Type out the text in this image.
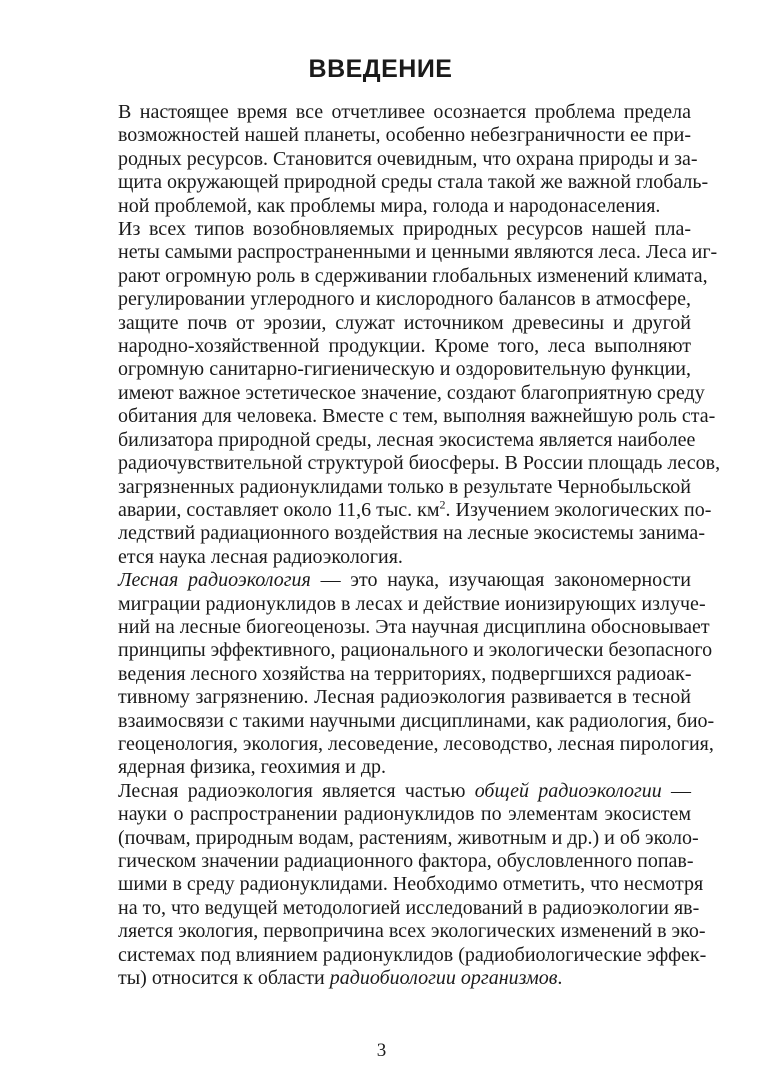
ВВЕДЕНИЕ
В настоящее время все отчетливее осознается проблема предела
возможностей нашей планеты, особенно небезграничности ее при-
родных ресурсов. Становится очевидным, что охрана природы и за-
щита окружающей природной среды стала такой же важной глобаль-
ной проблемой, как проблемы мира, голода и народонаселения.
Из всех типов возобновляемых природных ресурсов нашей пла-
неты самыми распространенными и ценными являются леса. Леса иг-
рают огромную роль в сдерживании глобальных изменений климата,
регулировании углеродного и кислородного балансов в атмосфере,
защите почв от эрозии, служат источником древесины и другой
народно-хозяйственной продукции. Кроме того, леса выполняют
огромную санитарно-гигиеническую и оздоровительную функции,
имеют важное эстетическое значение, создают благоприятную среду
обитания для человека. Вместе с тем, выполняя важнейшую роль ста-
билизатора природной среды, лесная экосистема является наиболее
радиочувствительной структурой биосферы. В России площадь лесов,
загрязненных радионуклидами только в результате Чернобыльской
аварии, составляет около 11,6 тыс. $км^2$. Изучением экологических по-
ледствий радиационного воздействия на лесные экосистемы занима-
ется наука лесная радиоэкология.
Лесная радиоэкология — это наука, изучающая закономерности
миграции радионуклидов в лесах и действие ионизирующих излуче-
ний на лесные биогеоценозы. Эта научная дисциплина обосновывает
принципы эффективного, рационального и экологически безопасного
ведения лесного хозяйства на территориях, подвергшихся радиоак-
тивному загрязнению. Лесная радиоэкология развивается в тесной
взаимосвязи с такими научными дисциплинами, как радиология, био-
геоценология, экология, лесоведение, лесоводство, лесная пирология,
ядерная физика, геохимия и др.
Лесная радиоэкология является частью общей радиоэкологии —
науки о распространении радионуклидов по элементам экосистем
(почвам, природным водам, растениям, животным и др.) и об эколо-
гическом значении радиационного фактора, обусловленного попав-
шими в среду радионуклидами. Необходимо отметить, что несмотря
на то, что ведущей методологией исследований в радиоэкологии яв-
ляется экология, первопричина всех экологических изменений в эко-
системах под влиянием радионуклидов (радиобиологические эффек-
ты) относится к области радиобиологии организмов.
3
